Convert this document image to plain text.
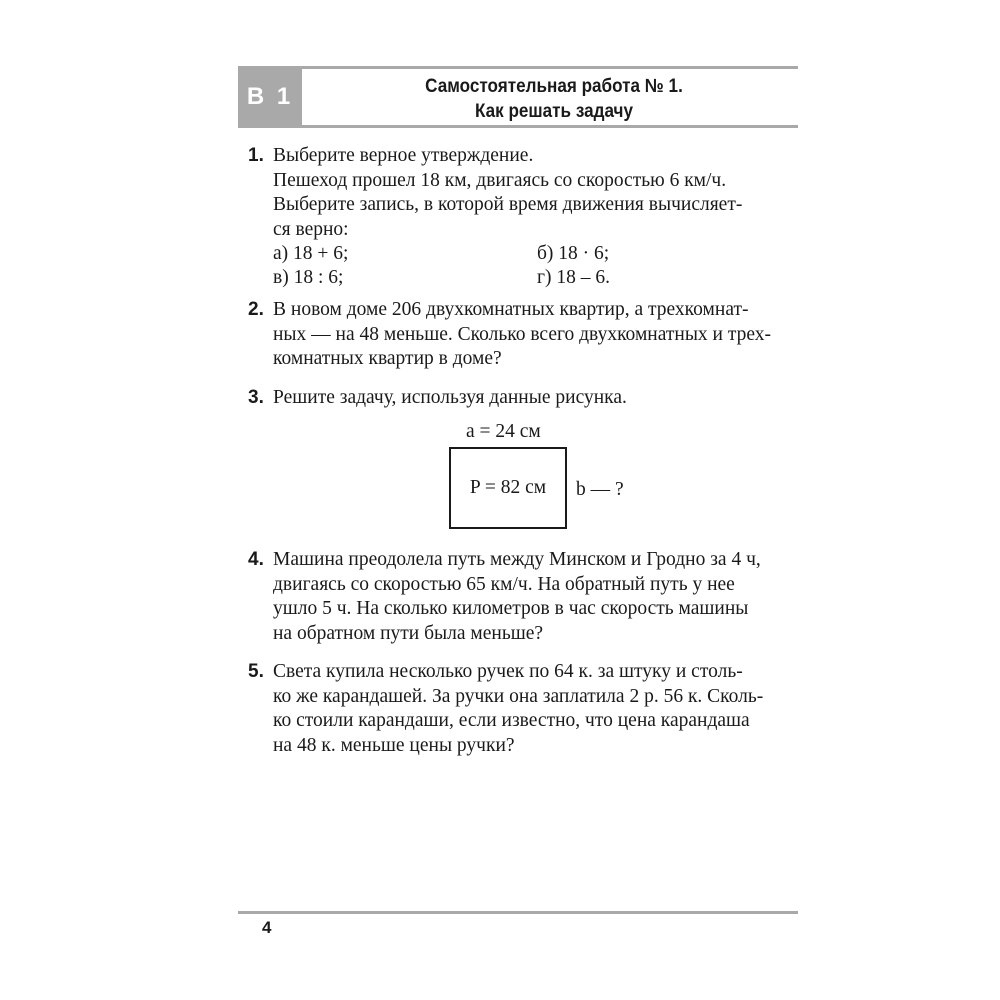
В 1	Самостоятельная работа № 1.
Как решать задачу
1. Выберите верное утверждение.
Пешеход прошел 18 км, двигаясь со скоростью 6 км/ч.
Выберите запись, в которой время движения вычисляет-
ся верно:
а) 18 + 6;	б) 18 · 6;
в) 18 : 6;	г) 18 – 6.
2. В новом доме 206 двухкомнатных квартир, а трехкомнат-
ных — на 48 меньше. Сколько всего двухкомнатных и трех-
комнатных квартир в доме?
3. Решите задачу, используя данные рисунка.
a = 24 см
P = 82 см b — ?
4. Машина преодолела путь между Минском и Гродно за 4 ч,
двигаясь со скоростью 65 км/ч. На обратный путь у нее
ушло 5 ч. На сколько километров в час скорость машины
на обратном пути была меньше?
5. Света купила несколько ручек по 64 к. за штуку и столь-
ко же карандашей. За ручки она заплатила 2 р. 56 к. Сколь-
ко стоили карандаши, если известно, что цена карандаша
на 48 к. меньше цены ручки?
4
